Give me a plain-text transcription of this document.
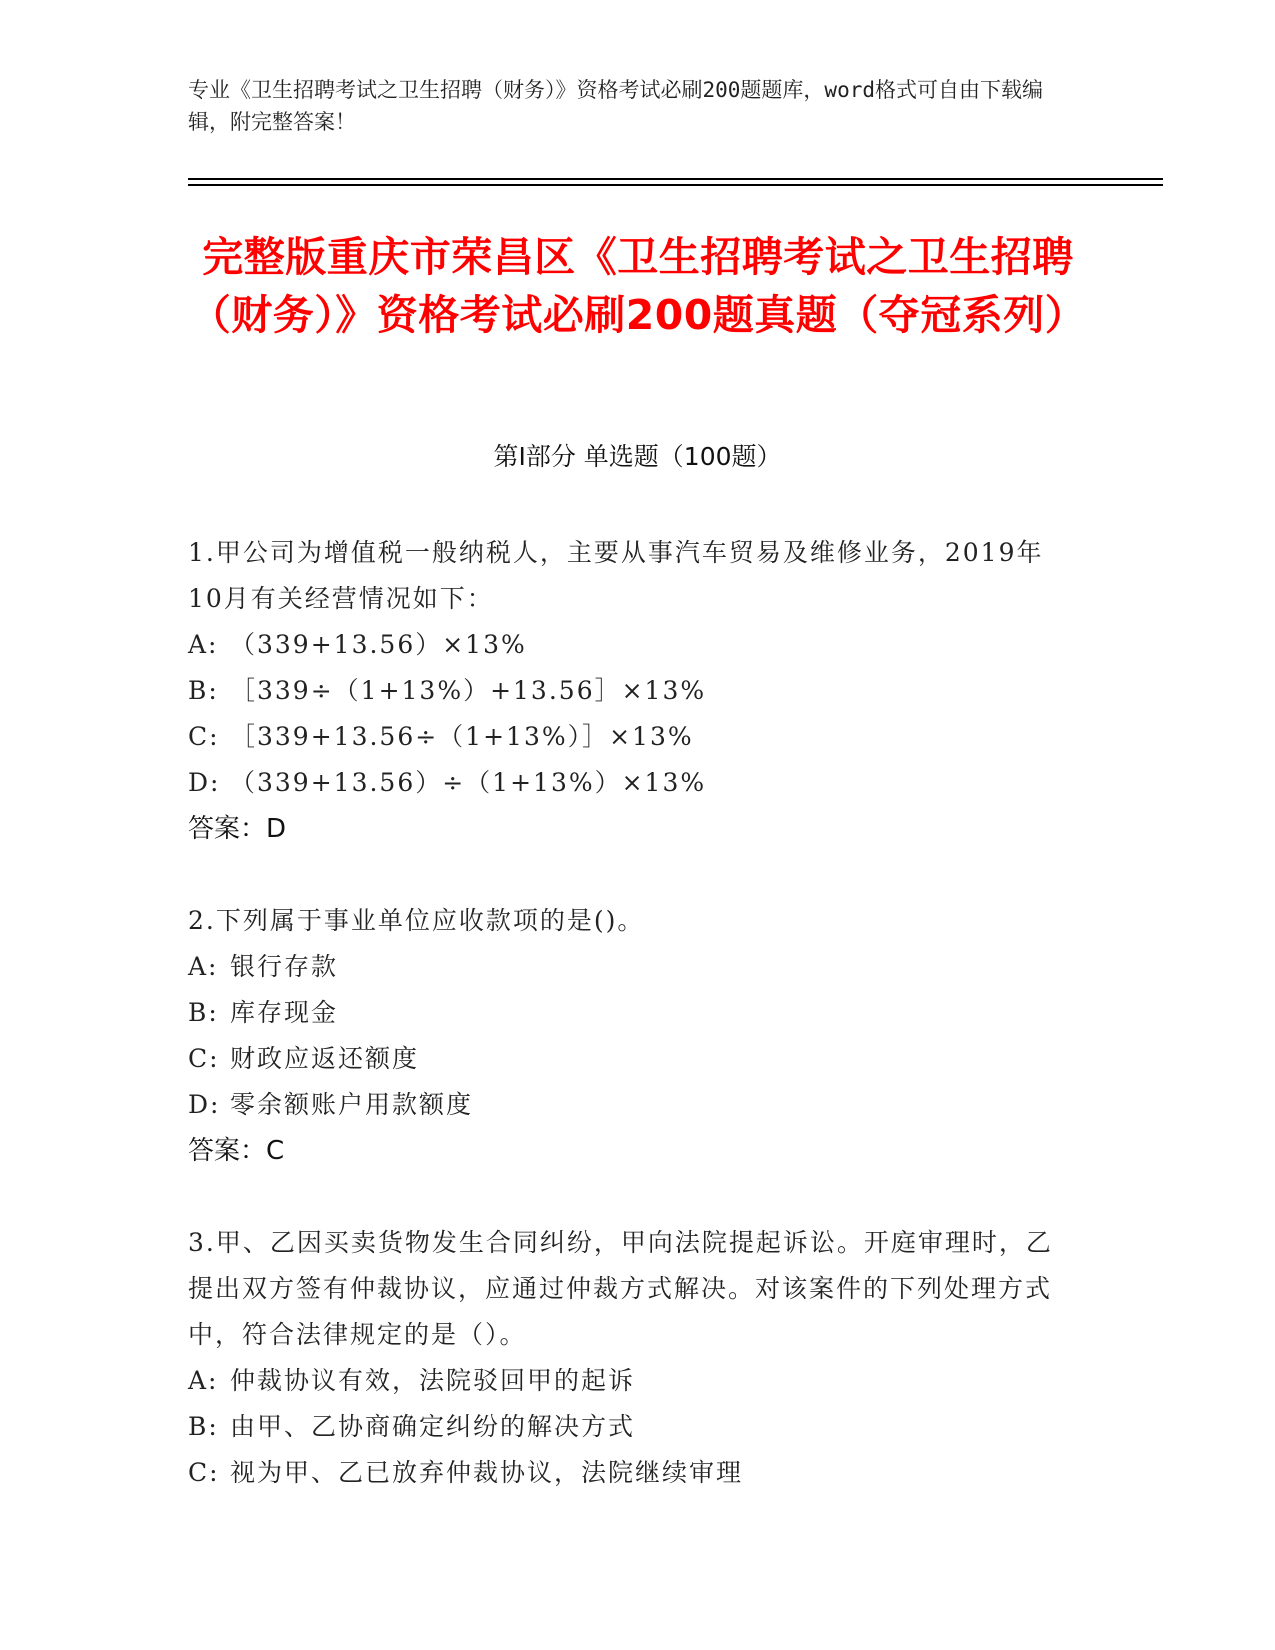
专业《卫生招聘考试之卫生招聘（财务）》资格考试必刷200题题库，word格式可自由下载编辑，附完整答案！
完整版重庆市荣昌区《卫生招聘考试之卫生招聘（财务）》资格考试必刷200题真题（夺冠系列）
第I部分 单选题（100题）
1.甲公司为增值税一般纳税人，主要从事汽车贸易及维修业务，2019年10月有关经营情况如下：
A: （339+13.56）×13%
B: ［339÷（1+13%）+13.56］×13%
C: ［339+13.56÷（1+13%）］×13%
D: （339+13.56）÷（1+13%）×13%
答案：D
2.下列属于事业单位应收款项的是()。
A: 银行存款
B: 库存现金
C: 财政应返还额度
D: 零余额账户用款额度
答案：C
3.甲、乙因买卖货物发生合同纠纷，甲向法院提起诉讼。开庭审理时，乙提出双方签有仲裁协议，应通过仲裁方式解决。对该案件的下列处理方式中，符合法律规定的是（）。
A: 仲裁协议有效，法院驳回甲的起诉
B: 由甲、乙协商确定纠纷的解决方式
C: 视为甲、乙已放弃仲裁协议，法院继续审理
